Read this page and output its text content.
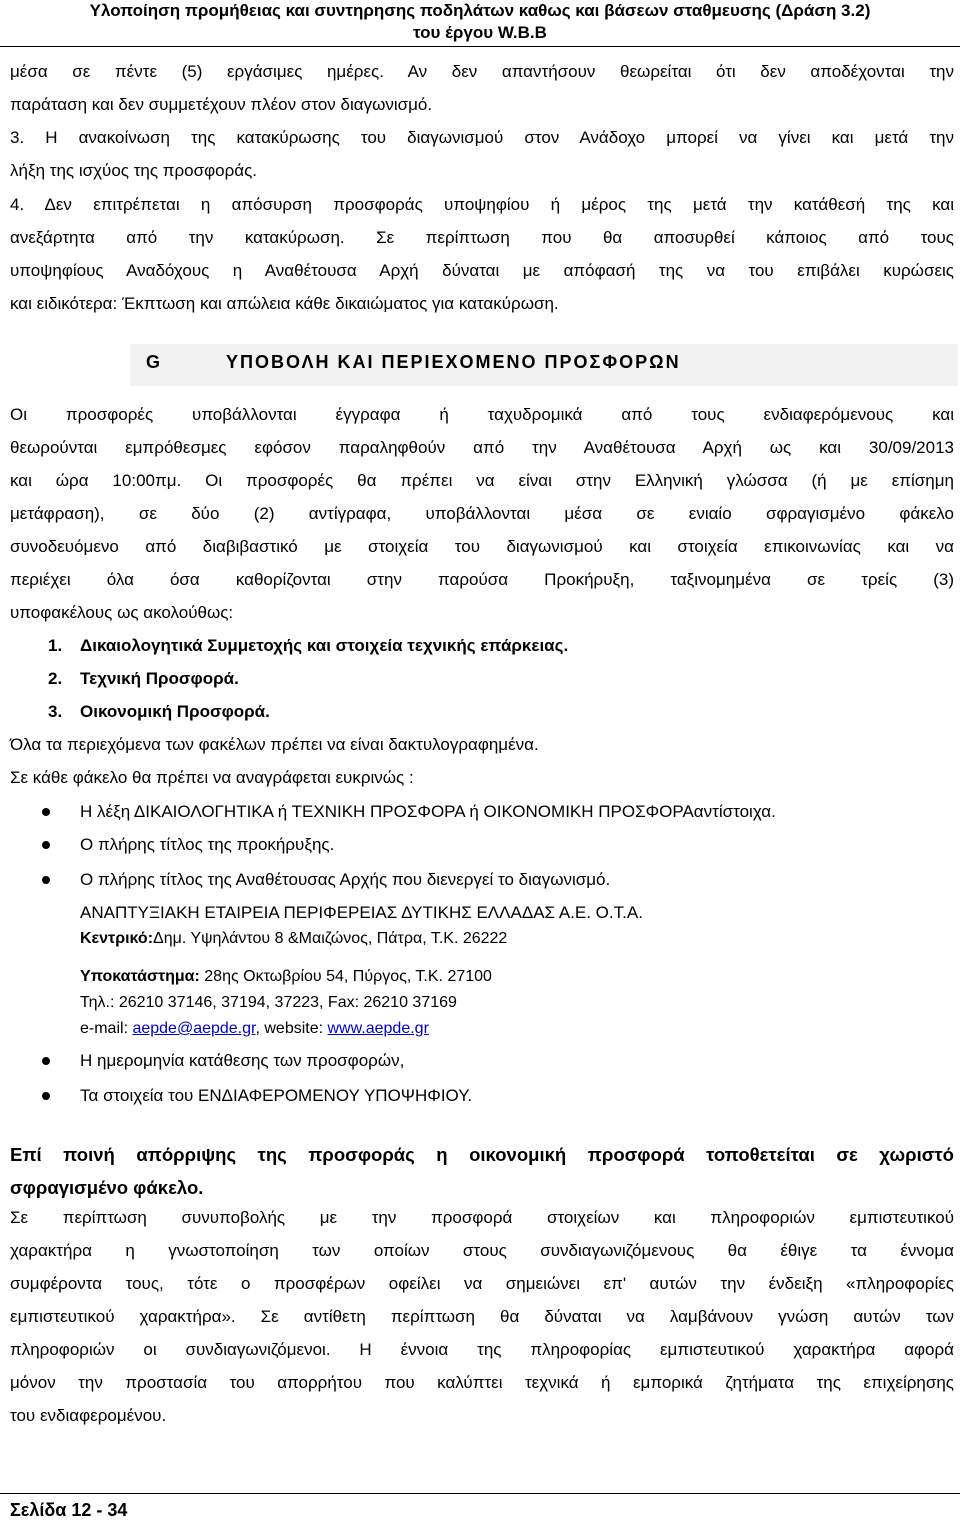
Υλοποίηση προμήθειας και συντηρησης ποδηλάτων καθως και βάσεων σταθμευσης (Δράση 3.2)
του έργου W.B.B

μέσα σε πέντε (5) εργάσιμες ημέρες. Αν δεν απαντήσουν θεωρείται ότι δεν αποδέχονται την

παράταση και δεν συμμετέχουν πλέον στον διαγωνισμό.

3. Η ανακοίνωση της κατακύρωσης του διαγωνισμού στον Ανάδοχο μπορεί να γίνει και μετά την

λήξη της ισχύος της προσφοράς.

4. Δεν επιτρέπεται η απόσυρση προσφοράς υποψηφίου ή μέρος της μετά την κατάθεσή της και

ανεξάρτητα από την κατακύρωση. Σε περίπτωση που θα αποσυρθεί κάποιος από τους

υποψηφίους Αναδόχους η Αναθέτουσα Αρχή δύναται με απόφασή της να του επιβάλει κυρώσεις

και ειδικότερα: Έκπτωση και απώλεια κάθε δικαιώματος για κατακύρωση.

G	ΥΠΟΒΟΛΗ ΚΑΙ ΠΕΡΙΕΧΟΜΕΝΟ ΠΡΟΣΦΟΡΩΝ

Οι προσφορές υποβάλλονται έγγραφα ή ταχυδρομικά από τους ενδιαφερόμενους και

θεωρούνται εμπρόθεσμες εφόσον παραληφθούν από την Αναθέτουσα Αρχή ως και 30/09/2013

και ώρα 10:00πμ. Οι προσφορές θα πρέπει να είναι στην Ελληνική γλώσσα (ή με επίσημη

μετάφραση), σε δύο (2) αντίγραφα, υποβάλλονται μέσα σε ενιαίο σφραγισμένο φάκελο

συνοδευόμενο από διαβιβαστικό με στοιχεία του διαγωνισμού και στοιχεία επικοινωνίας και να

περιέχει όλα όσα καθορίζονται στην παρούσα Προκήρυξη, ταξινομημένα σε τρείς (3)

υποφακέλους ως ακολούθως:

1. Δικαιολογητικά Συμμετοχής και στοιχεία τεχνικής επάρκειας.
2. Τεχνική Προσφορά.
3. Οικονομική Προσφορά.

Όλα τα περιεχόμενα των φακέλων πρέπει να είναι δακτυλογραφημένα.

Σε κάθε φάκελο θα πρέπει να αναγράφεται ευκρινώς :

Η λέξη ΔΙΚΑΙΟΛΟΓΗΤΙΚΑ ή ΤΕΧΝΙΚΗ ΠΡΟΣΦΟΡΑ ή ΟΙΚΟΝΟΜΙΚΗ ΠΡΟΣΦΟΡΑαντίστοιχα.
Ο πλήρης τίτλος της προκήρυξης.
Ο πλήρης τίτλος της Αναθέτουσας Αρχής που διενεργεί το διαγωνισμό.
ΑΝΑΠΤΥΞΙΑΚΗ ΕΤΑΙΡΕΙΑ ΠΕΡΙΦΕΡΕΙΑΣ ΔΥΤΙΚΗΣ ΕΛΛΑΔΑΣ Α.Ε. Ο.Τ.Α.
Κεντρικό:Δημ. Υψηλάντου 8 &Μαιζώνος, Πάτρα, Τ.Κ. 26222
Υποκατάστημα: 28ης Οκτωβρίου 54, Πύργος, Τ.Κ. 27100
Τηλ.: 26210 37146, 37194, 37223, Fax: 26210 37169
e-mail: aepde@aepde.gr, website: www.aepde.gr
Η ημερομηνία κατάθεσης των προσφορών,
Τα στοιχεία του ΕΝΔΙΑΦΕΡΟΜΕΝΟΥ ΥΠΟΨΗΦΙΟΥ.
Επί ποινή απόρριψης της προσφοράς η οικονομική προσφορά τοποθετείται σε χωριστό
σφραγισμένο φάκελο.

Σε περίπτωση συνυποβολής με την προσφορά στοιχείων και πληροφοριών εμπιστευτικού

χαρακτήρα η γνωστοποίηση των οποίων στους συνδιαγωνιζόμενους θα έθιγε τα έννομα

συμφέροντα τους, τότε ο προσφέρων οφείλει να σημειώνει επ' αυτών την ένδειξη «πληροφορίες

εμπιστευτικού χαρακτήρα». Σε αντίθετη περίπτωση θα δύναται να λαμβάνουν γνώση αυτών των

πληροφοριών οι συνδιαγωνιζόμενοι. Η έννοια της πληροφορίας εμπιστευτικού χαρακτήρα αφορά

μόνον την προστασία του απορρήτου που καλύπτει τεχνικά ή εμπορικά ζητήματα της επιχείρησης

του ενδιαφερομένου.

Σελίδα 12 - 34
